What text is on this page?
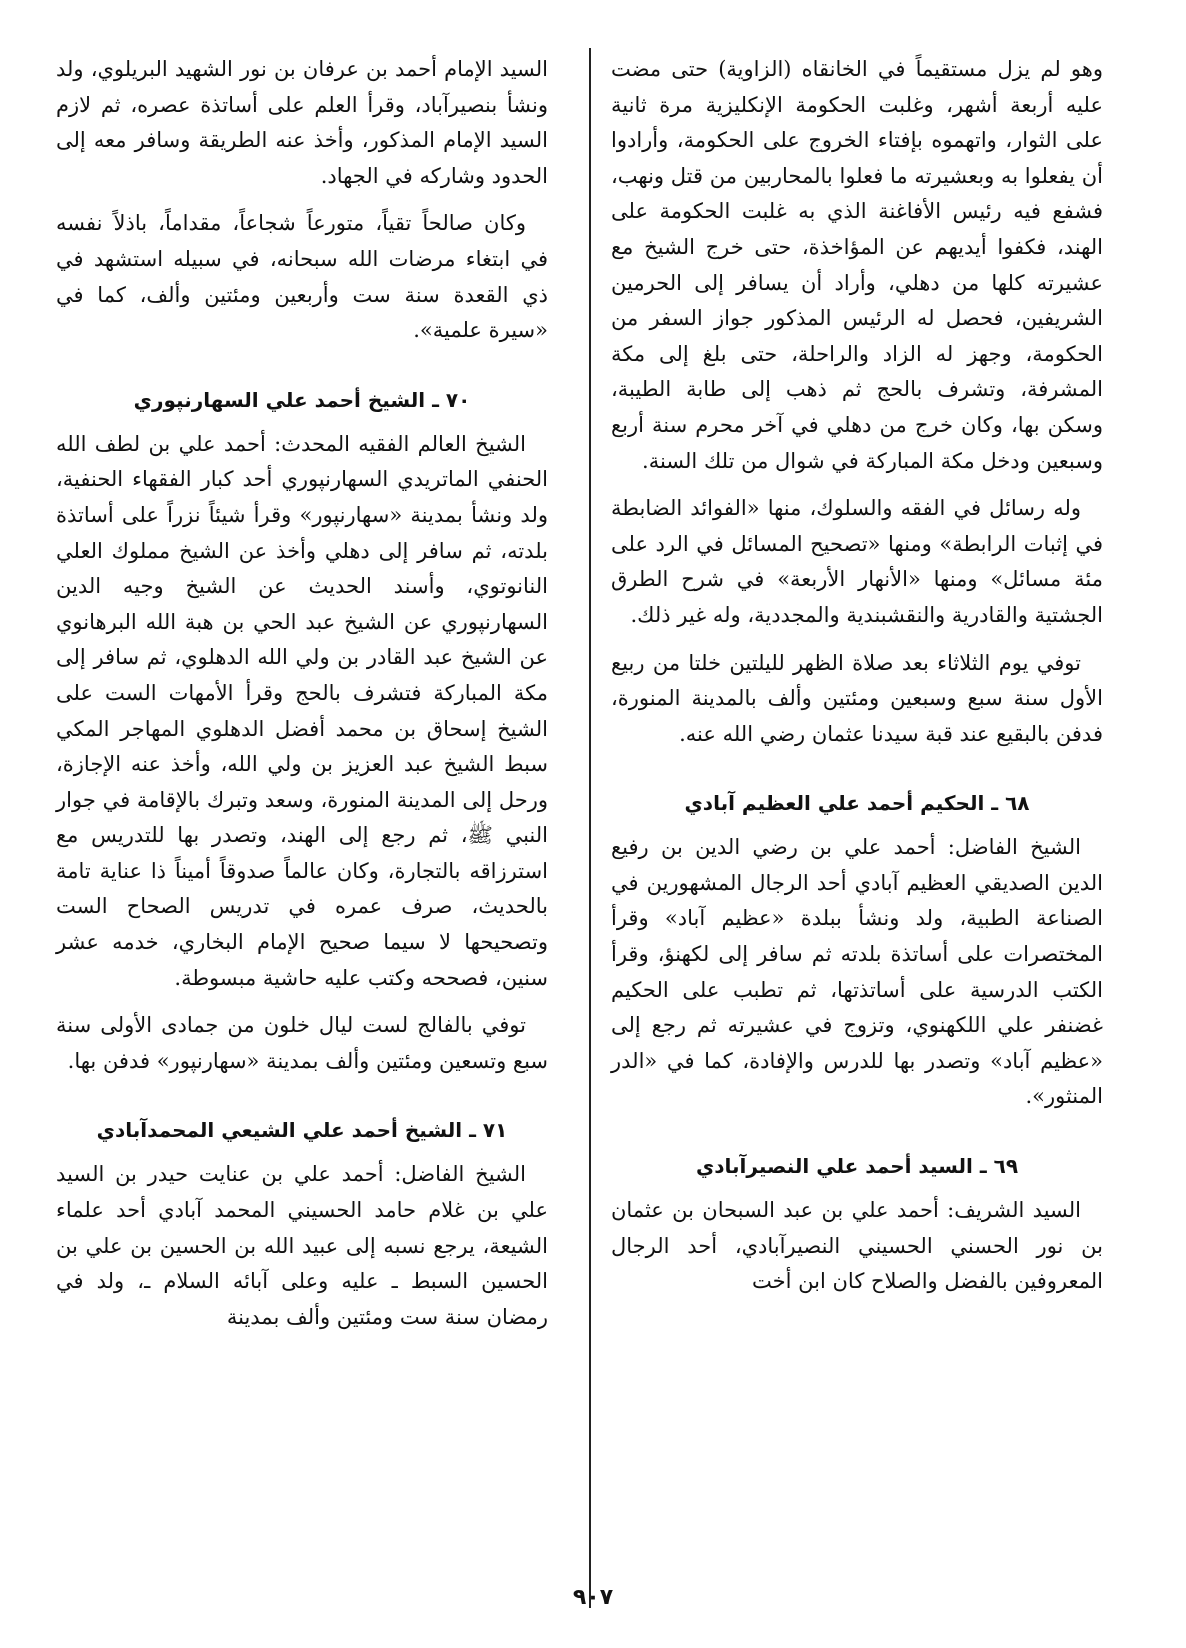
وهو لم يزل مستقيماً في الخانقاه (الزاوية) حتى مضت عليه أربعة أشهر، وغلبت الحكومة الإنكليزية مرة ثانية على الثوار، واتهموه بإفتاء الخروج على الحكومة، وأرادوا أن يفعلوا به وبعشيرته ما فعلوا بالمحاربين من قتل ونهب، فشفع فيه رئيس الأفاغنة الذي به غلبت الحكومة على الهند، فكفوا أيديهم عن المؤاخذة، حتى خرج الشيخ مع عشيرته كلها من دهلي، وأراد أن يسافر إلى الحرمين الشريفين، فحصل له الرئيس المذكور جواز السفر من الحكومة، وجهز له الزاد والراحلة، حتى بلغ إلى مكة المشرفة، وتشرف بالحج ثم ذهب إلى طابة الطيبة، وسكن بها، وكان خرج من دهلي في آخر محرم سنة أربع وسبعين ودخل مكة المباركة في شوال من تلك السنة.

وله رسائل في الفقه والسلوك، منها «الفوائد الضابطة في إثبات الرابطة» ومنها «تصحيح المسائل في الرد على مئة مسائل» ومنها «الأنهار الأربعة» في شرح الطرق الجشتية والقادرية والنقشبندية والمجددية، وله غير ذلك.

توفي يوم الثلاثاء بعد صلاة الظهر لليلتين خلتا من ربيع الأول سنة سبع وسبعين ومئتين وألف بالمدينة المنورة، فدفن بالبقيع عند قبة سيدنا عثمان رضي الله عنه.

٦٨ ـ الحكيم أحمد علي العظيم آبادي

الشيخ الفاضل: أحمد علي بن رضي الدين بن رفيع الدين الصديقي العظيم آبادي أحد الرجال المشهورين في الصناعة الطبية، ولد ونشأ ببلدة «عظيم آباد» وقرأ المختصرات على أساتذة بلدته ثم سافر إلى لكهنؤ، وقرأ الكتب الدرسية على أساتذتها، ثم تطبب على الحكيم غضنفر علي اللكهنوي، وتزوج في عشيرته ثم رجع إلى «عظيم آباد» وتصدر بها للدرس والإفادة، كما في «الدر المنثور».

٦٩ ـ السيد أحمد علي النصيرآبادي

السيد الشريف: أحمد علي بن عبد السبحان بن عثمان بن نور الحسني الحسيني النصيرآبادي، أحد الرجال المعروفين بالفضل والصلاح كان ابن أخت

السيد الإمام أحمد بن عرفان بن نور الشهيد البريلوي، ولد ونشأ بنصيرآباد، وقرأ العلم على أساتذة عصره، ثم لازم السيد الإمام المذكور، وأخذ عنه الطريقة وسافر معه إلى الحدود وشاركه في الجهاد.

وكان صالحاً تقياً، متورعاً شجاعاً، مقداماً، باذلاً نفسه في ابتغاء مرضات الله سبحانه، في سبيله استشهد في ذي القعدة سنة ست وأربعين ومئتين وألف، كما في «سيرة علمية».

٧٠ ـ الشيخ أحمد علي السهارنپوري

الشيخ العالم الفقيه المحدث: أحمد علي بن لطف الله الحنفي الماتريدي السهارنپوري أحد كبار الفقهاء الحنفية، ولد ونشأ بمدينة «سهارنپور» وقرأ شيئاً نزراً على أساتذة بلدته، ثم سافر إلى دهلي وأخذ عن الشيخ مملوك العلي النانوتوي، وأسند الحديث عن الشيخ وجيه الدين السهارنپوري عن الشيخ عبد الحي بن هبة الله البرهانوي عن الشيخ عبد القادر بن ولي الله الدهلوي، ثم سافر إلى مكة المباركة فتشرف بالحج وقرأ الأمهات الست على الشيخ إسحاق بن محمد أفضل الدهلوي المهاجر المكي سبط الشيخ عبد العزيز بن ولي الله، وأخذ عنه الإجازة، ورحل إلى المدينة المنورة، وسعد وتبرك بالإقامة في جوار النبي ﷺ، ثم رجع إلى الهند، وتصدر بها للتدريس مع استرزاقه بالتجارة، وكان عالماً صدوقاً أميناً ذا عناية تامة بالحديث، صرف عمره في تدريس الصحاح الست وتصحيحها لا سيما صحيح الإمام البخاري، خدمه عشر سنين، فصححه وكتب عليه حاشية مبسوطة.

توفي بالفالج لست ليال خلون من جمادى الأولى سنة سبع وتسعين ومئتين وألف بمدينة «سهارنپور» فدفن بها.

٧١ ـ الشيخ أحمد علي الشيعي المحمدآبادي

الشيخ الفاضل: أحمد علي بن عنايت حيدر بن السيد علي بن غلام حامد الحسيني المحمد آبادي أحد علماء الشيعة، يرجع نسبه إلى عبيد الله بن الحسين بن علي بن الحسين السبط ـ عليه وعلى آبائه السلام ـ، ولد في رمضان سنة ست ومئتين وألف بمدينة

٩٠٧
